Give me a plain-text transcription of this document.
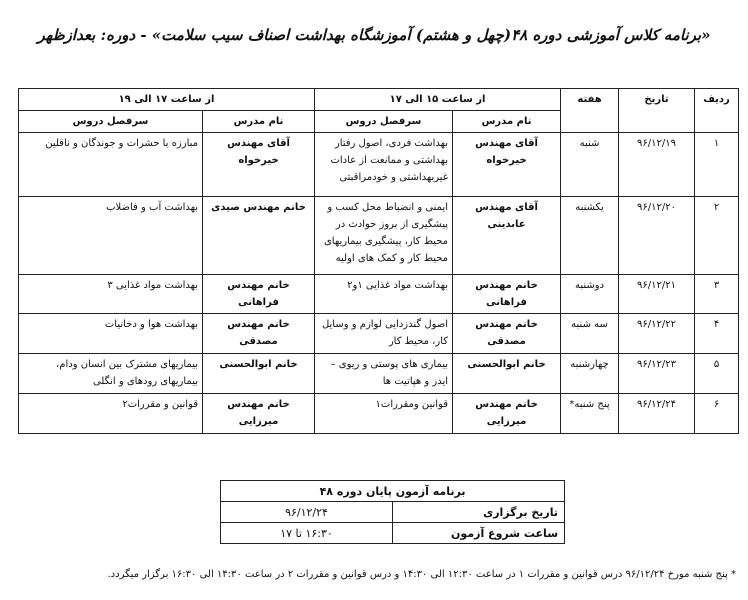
«برنامه کلاس آموزشی دوره ۴۸(چهل و هشتم) آموزشگاه بهداشت اصناف سیب سلامت» - دوره: بعدازظهر
ردیف	تاریخ	هفته	از ساعت ۱۵ الی ۱۷		از ساعت ۱۷ الی ۱۹	
			نام مدرس	سرفصل دروس	نام مدرس	سرفصل دروس
۱	۹۶/۱۲/۱۹	شنبه	آقای مهندس خیرخواه	بهداشت فردی، اصول رفتار بهداشتی و ممانعت از عادات غیربهداشتی و خودمراقبتی	آقای مهندس خیرخواه	مبارزه با حشرات و جوندگان و ناقلین
۲	۹۶/۱۲/۲۰	یکشنبه	آقای مهندس عابدینی	ایمنی و انضباط محل کسب و پیشگیری از بروز حوادث در محیط کار، پیشگیری بیماریهای محیط کار و کمک های اولیه	خانم مهندس صیدی	بهداشت آب و فاضلاب
۳	۹۶/۱۲/۲۱	دوشنبه	خانم مهندس فراهانی	بهداشت مواد غذایی ۱و۲	خانم مهندس فراهانی	بهداشت مواد غذایی ۳
۴	۹۶/۱۲/۲۲	سه شنبه	خانم مهندس مصدقی	اصول گندزدایی لوازم و وسایل کار، محیط کار	خانم مهندس مصدقی	بهداشت هوا و دخانیات
۵	۹۶/۱۲/۲۳	چهارشنبه	خانم ابوالحسنی	بیماری های پوستی و ریوی –ایدز و هپاتیت ها	خانم ابوالحسنی	بیماریهای مشترک بین انسان ودام، بیماریهای رودهای و انگلی
۶	۹۶/۱۲/۲۴	پنج شنبه*	خانم مهندس میرزایی	قوانین ومقررات۱	خانم مهندس میرزایی	قوانین و مقررات۲
برنامه آزمون پایان دوره ۴۸	
تاریخ برگزاری	۹۶/۱۲/۲۴
ساعت شروع آزمون	۱۶:۳۰ تا ۱۷
* پنج شنبه مورخ ۹۶/۱۲/۲۴ درس قوانین و مقررات ۱ در ساعت ۱۲:۳۰ الی ۱۴:۳۰ و درس قوانین و مقررات ۲ در ساعت ۱۴:۳۰ الی ۱۶:۳۰ برگزار میگردد.
